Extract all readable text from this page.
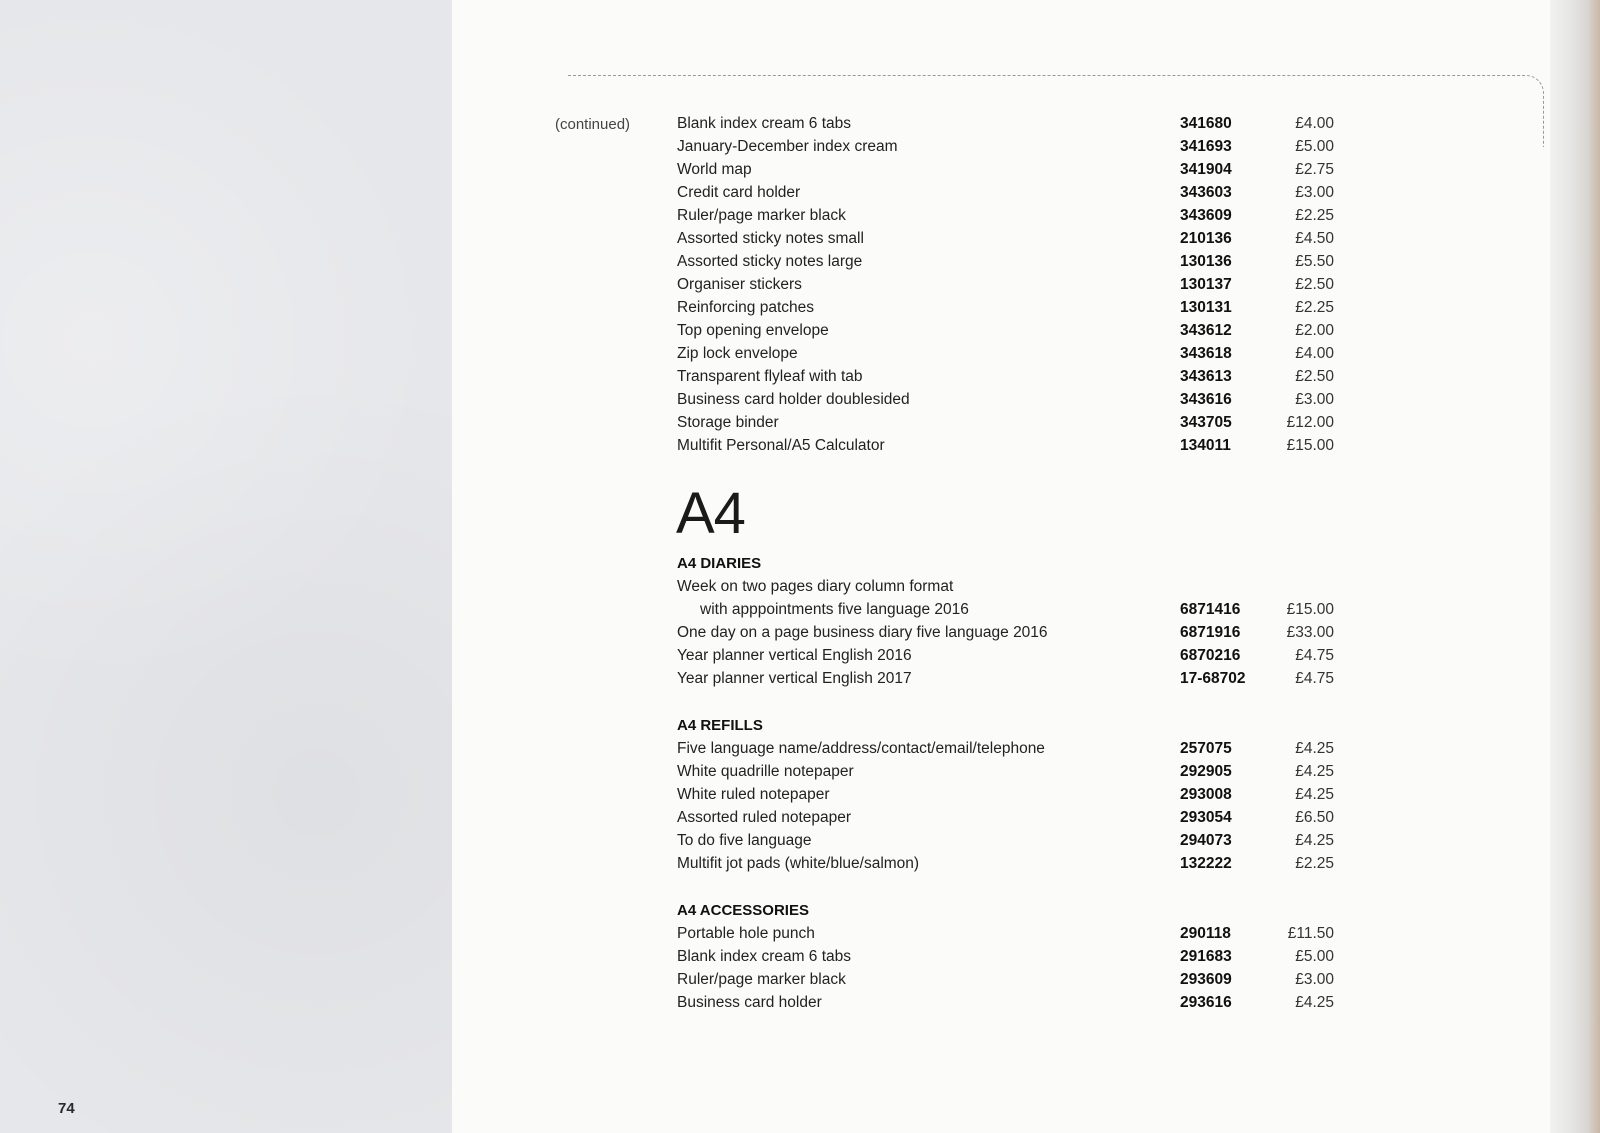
74
(continued)	Blank index cream 6 tabs	341680	£4.00
January-December index cream	341693	£5.00
World map	341904	£2.75
Credit card holder	343603	£3.00
Ruler/page marker black	343609	£2.25
Assorted sticky notes small	210136	£4.50
Assorted sticky notes large	130136	£5.50
Organiser stickers	130137	£2.50
Reinforcing patches	130131	£2.25
Top opening envelope	343612	£2.00
Zip lock envelope	343618	£4.00
Transparent flyleaf with tab	343613	£2.50
Business card holder doublesided	343616	£3.00
Storage binder	343705	£12.00
Multifit Personal/A5 Calculator	134011	£15.00
A4
A4 DIARIES
Week on two pages diary column format
with apppointments five language 2016	6871416	£15.00
One day on a page business diary five language 2016	6871916	£33.00
Year planner vertical English 2016	6870216	£4.75
Year planner vertical English 2017	17-68702	£4.75
A4 REFILLS
Five language name/address/contact/email/telephone	257075	£4.25
White quadrille notepaper	292905	£4.25
White ruled notepaper	293008	£4.25
Assorted ruled notepaper	293054	£6.50
To do five language	294073	£4.25
Multifit jot pads (white/blue/salmon)	132222	£2.25
A4 ACCESSORIES
Portable hole punch	290118	£11.50
Blank index cream 6 tabs	291683	£5.00
Ruler/page marker black	293609	£3.00
Business card holder	293616	£4.25
